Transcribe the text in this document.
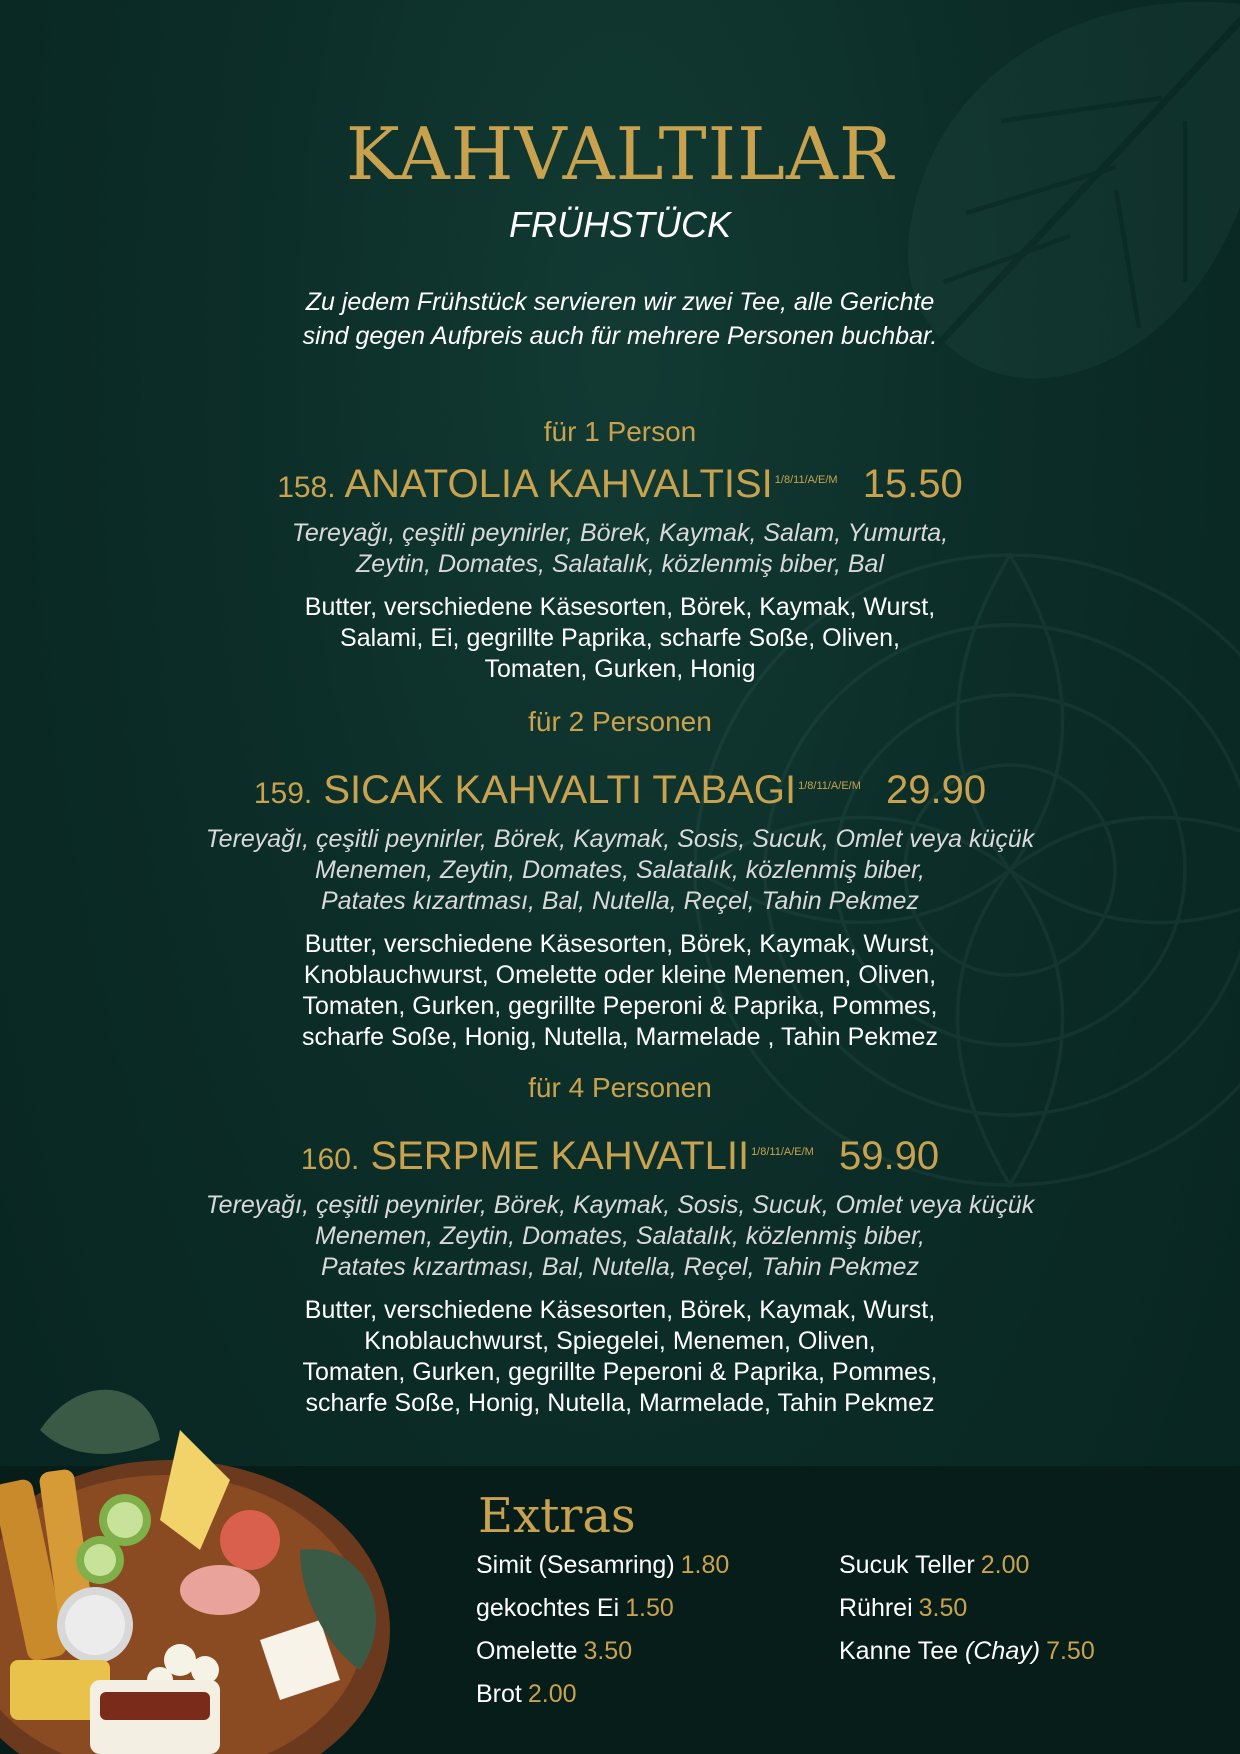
KAHVALTILAR
FRÜHSTÜCK
Zu jedem Frühstück servieren wir zwei Tee, alle Gerichte
sind gegen Aufpreis auch für mehrere Personen buchbar.
für 1 Person
158. ANATOLIA KAHVALTISI $^{1/8/11/A/E/M}$ 15.50
Tereyağı, çeşitli peynirler, Börek, Kaymak, Salam, Yumurta,
Zeytin, Domates, Salatalık, közlenmiş biber, Bal
Butter, verschiedene Käsesorten, Börek, Kaymak, Wurst,
Salami, Ei, gegrillte Paprika, scharfe Soße, Oliven,
Tomaten, Gurken, Honig
für 2 Personen
159. SICAK KAHVALTI TABAGI $^{1/8/11/A/E/M}$ 29.90
Tereyağı, çeşitli peynirler, Börek, Kaymak, Sosis, Sucuk, Omlet veya küçük
Menemen, Zeytin, Domates, Salatalık, közlenmiş biber,
Patates kızartması, Bal, Nutella, Reçel, Tahin Pekmez
Butter, verschiedene Käsesorten, Börek, Kaymak, Wurst,
Knoblauchwurst, Omelette oder kleine Menemen, Oliven,
Tomaten, Gurken, gegrillte Peperoni & Paprika, Pommes,
scharfe Soße, Honig, Nutella, Marmelade , Tahin Pekmez
für 4 Personen
160. SERPME KAHVATLII $^{1/8/11/A/E/M}$ 59.90
Tereyağı, çeşitli peynirler, Börek, Kaymak, Sosis, Sucuk, Omlet veya küçük
Menemen, Zeytin, Domates, Salatalık, közlenmiş biber,
Patates kızartması, Bal, Nutella, Reçel, Tahin Pekmez
Butter, verschiedene Käsesorten, Börek, Kaymak, Wurst,
Knoblauchwurst, Spiegelei, Menemen, Oliven,
Tomaten, Gurken, gegrillte Peperoni & Paprika, Pommes,
scharfe Soße, Honig, Nutella, Marmelade, Tahin Pekmez
Extras
Simit (Sesamring) 1.80
gekochtes Ei 1.50
Omelette 3.50
Brot 2.00
Sucuk Teller 2.00
Rührei 3.50
Kanne Tee (Chay) 7.50
